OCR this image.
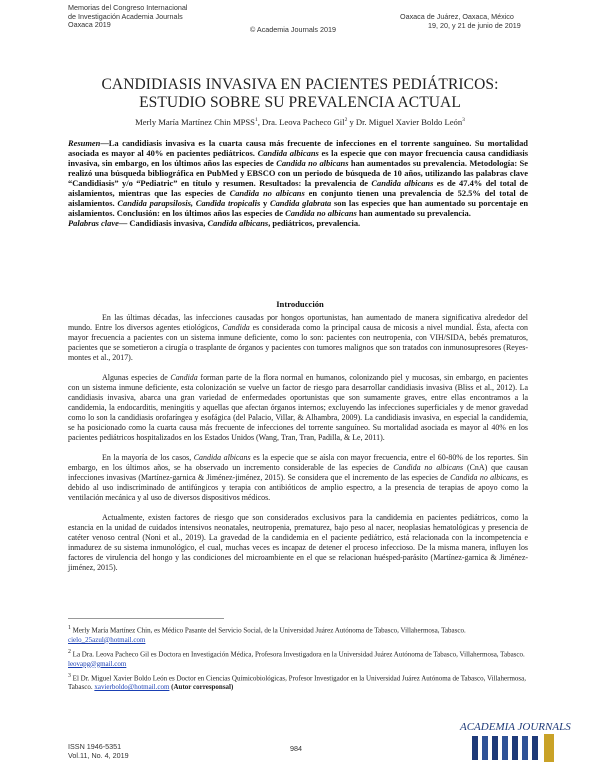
Memorias del Congreso Internacional
de Investigación Academia Journals
Oaxaca 2019
© Academia Journals 2019
Oaxaca de Juárez, Oaxaca, México
19, 20, y 21 de junio de 2019
CANDIDIASIS INVASIVA EN PACIENTES PEDIÁTRICOS:
ESTUDIO SOBRE SU PREVALENCIA ACTUAL
Merly María Martínez Chin MPSS$^1$, Dra. Leova Pacheco Gil$^2$ y Dr. Miguel Xavier Boldo León$^3$
Resumen—La candidiasis invasiva es la cuarta causa más frecuente de infecciones en el torrente sanguíneo. Su mortalidad asociada es mayor al 40% en pacientes pediátricos. Candida albicans es la especie que con mayor frecuencia causa candidiasis invasiva, sin embargo, en los últimos años las especies de Candida no albicans han aumentados su prevalencia. Metodología: Se realizó una búsqueda bibliográfica en PubMed y EBSCO con un periodo de búsqueda de 10 años, utilizando las palabras clave “Candidiasis” y/o “Pediatric” en título y resumen. Resultados: la prevalencia de Candida albicans es de 47.4% del total de aislamientos, mientras que las especies de Candida no albicans en conjunto tienen una prevalencia de 52.5% del total de aislamientos. Candida parapsilosis, Candida tropicalis y Candida glabrata son las especies que han aumentado su porcentaje en aislamientos. Conclusión: en los últimos años las especies de Candida no albicans han aumentado su prevalencia.
Palabras clave— Candidiasis invasiva, Candida albicans, pediátricos, prevalencia.
Introducción

En las últimas décadas, las infecciones causadas por hongos oportunistas, han aumentado de manera significativa alrededor del mundo. Entre los diversos agentes etiológicos, Candida es considerada como la principal causa de micosis a nivel mundial. Ésta, afecta con mayor frecuencia a pacientes con un sistema inmune deficiente, como lo son: pacientes con neutropenia, con VIH/SIDA, bebés prematuros, pacientes que se sometieron a cirugía o trasplante de órganos y pacientes con tumores malignos que son tratados con inmunosupresores (Reyes-montes et al., 2017).

Algunas especies de Candida forman parte de la flora normal en humanos, colonizando piel y mucosas, sin embargo, en pacientes con un sistema inmune deficiente, esta colonización se vuelve un factor de riesgo para desarrollar candidiasis invasiva (Bliss et al., 2012). La candidiasis invasiva, abarca una gran variedad de enfermedades oportunistas que son sumamente graves, entre ellas encontramos a la candidemia, la endocarditis, meningitis y aquellas que afectan órganos internos; excluyendo las infecciones superficiales y de menor gravedad como lo son la candidiasis orofaríngea y esofágica (del Palacio, Villar, & Alhambra, 2009). La candidiasis invasiva, en especial la candidemia, se ha posicionado como la cuarta causa más frecuente de infecciones del torrente sanguíneo. Su mortalidad asociada es mayor al 40% en los pacientes pediátricos hospitalizados en los Estados Unidos (Wang, Tran, Tran, Padilla, & Le, 2011).

En la mayoría de los casos, Candida albicans es la especie que se aísla con mayor frecuencia, entre el 60-80% de los reportes. Sin embargo, en los últimos años, se ha observado un incremento considerable de las especies de Candida no albicans (CnA) que causan infecciones invasivas (Martínez-garnica & Jiménez-jiménez, 2015). Se considera que el incremento de las especies de Candida no albicans, es debido al uso indiscriminado de antifúngicos y terapia con antibióticos de amplio espectro, a la presencia de terapias de apoyo como la ventilación mecánica y al uso de diversos dispositivos médicos.

Actualmente, existen factores de riesgo que son considerados exclusivos para la candidemia en pacientes pediátricos, como la estancia en la unidad de cuidados intensivos neonatales, neutropenia, prematurez, bajo peso al nacer, neoplasias hematológicas y presencia de catéter venoso central (Noni et al., 2019). La gravedad de la candidemia en el paciente pediátrico, está relacionada con la incompetencia e inmadurez de su sistema inmunológico, el cual, muchas veces es incapaz de detener el proceso infeccioso. De la misma manera, influyen los factores de virulencia del hongo y las condiciones del microambiente en el que se relacionan huésped-parásito (Martínez-garnica & Jiménez-jiménez, 2015).

$^1$ Merly María Martínez Chin, es Médico Pasante del Servicio Social, de la Universidad Juárez Autónoma de Tabasco, Villahermosa, Tabasco. cielo_25azul@hotmail.com

$^2$ La Dra. Leova Pacheco Gil es Doctora en Investigación Médica, Profesora Investigadora en la Universidad Juárez Autónoma de Tabasco, Villahermosa, Tabasco. leovapg@gmail.com

$^3$ El Dr. Miguel Xavier Boldo León es Doctor en Ciencias Químicobiológicas, Profesor Investigador en la Universidad Juárez Autónoma de Tabasco, Villahermosa, Tabasco. xavierboldo@hotmail.com (Autor corresponsal)

ISSN 1946-5351
Vol.11, No. 4, 2019
984
ACADEMIA JOURNALS
